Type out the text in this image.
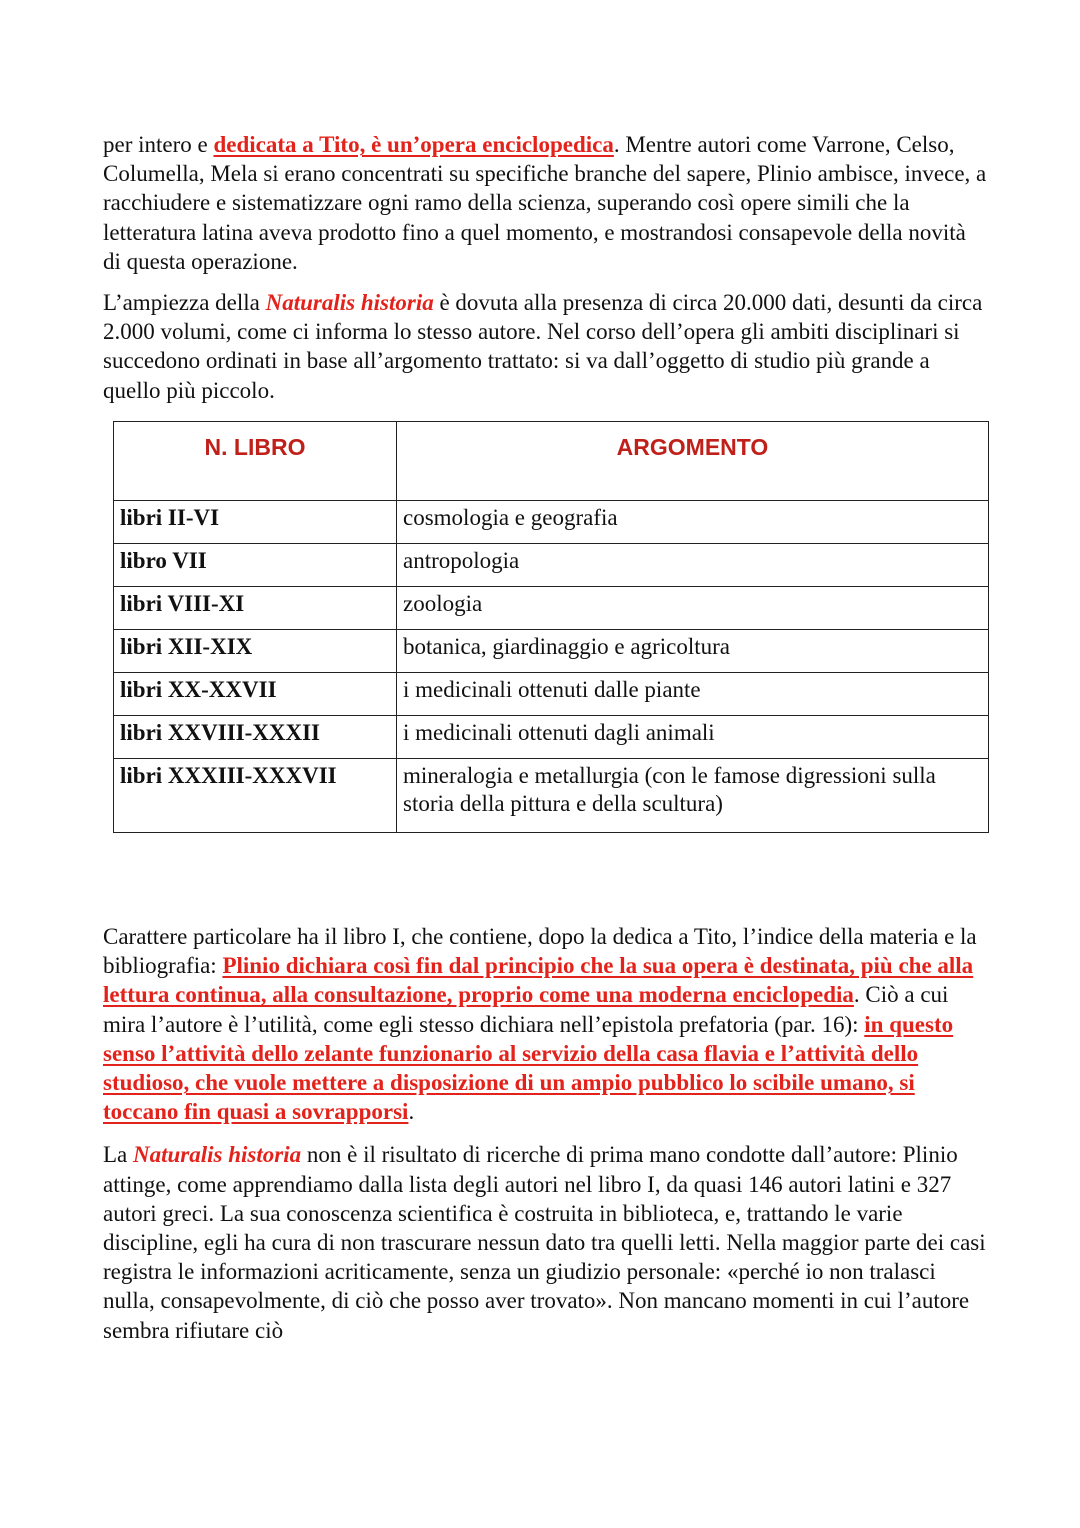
per intero e dedicata a Tito, è un’opera enciclopedica. Mentre autori come Varrone, Celso, Columella, Mela si erano concentrati su specifiche branche del sapere, Plinio ambisce, invece, a racchiudere e sistematizzare ogni ramo della scienza, superando così opere simili che la letteratura latina aveva prodotto fino a quel momento, e mostrandosi consapevole della novità di questa operazione.

L’ampiezza della Naturalis historia è dovuta alla presenza di circa 20.000 dati, desunti da circa 2.000 volumi, come ci informa lo stesso autore. Nel corso dell’opera gli ambiti disciplinari si succedono ordinati in base all’argomento trattato: si va dall’oggetto di studio più grande a quello più piccolo.

N. LIBRO	ARGOMENTO
libri II-VI	cosmologia e geografia
libro VII	antropologia
libri VIII-XI	zoologia
libri XII-XIX	botanica, giardinaggio e agricoltura
libri XX-XXVII	i medicinali ottenuti dalle piante
libri XXVIII-XXXII	i medicinali ottenuti dagli animali
libri XXXIII-XXXVII	mineralogia e metallurgia (con le famose digressioni sulla storia della pittura e della scultura)

Carattere particolare ha il libro I, che contiene, dopo la dedica a Tito, l’indice della materia e la bibliografia: Plinio dichiara così fin dal principio che la sua opera è destinata, più che alla lettura continua, alla consultazione, proprio come una moderna enciclopedia. Ciò a cui mira l’autore è l’utilità, come egli stesso dichiara nell’epistola prefatoria (par. 16): in questo senso l’attività dello zelante funzionario al servizio della casa flavia e l’attività dello studioso, che vuole mettere a disposizione di un ampio pubblico lo scibile umano, si toccano fin quasi a sovrapporsi.

La Naturalis historia non è il risultato di ricerche di prima mano condotte dall’autore: Plinio attinge, come apprendiamo dalla lista degli autori nel libro I, da quasi 146 autori latini e 327 autori greci. La sua conoscenza scientifica è costruita in biblioteca, e, trattando le varie discipline, egli ha cura di non trascurare nessun dato tra quelli letti. Nella maggior parte dei casi registra le informazioni acriticamente, senza un giudizio personale: «perché io non tralasci nulla, consapevolmente, di ciò che posso aver trovato». Non mancano momenti in cui l’autore sembra rifiutare ciò
